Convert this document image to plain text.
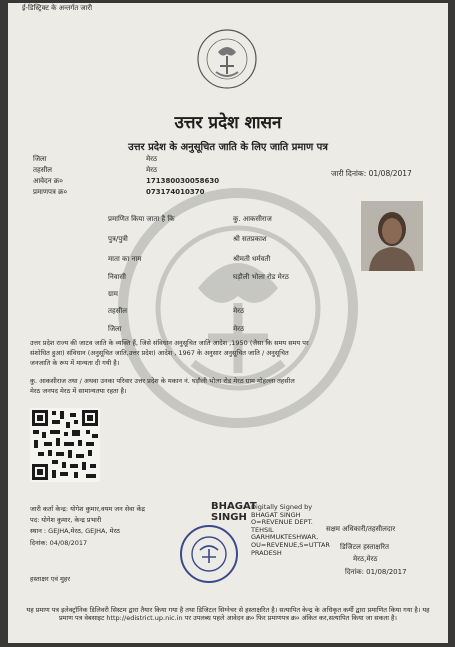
ई-डिस्ट्रिक्ट के अन्तर्गत जारी
उत्तर प्रदेश शासन
उत्तर प्रदेश के अनुसूचित जाति के लिए जाति प्रमाण पत्र
जिला	मेरठ
तहसील	मेरठ
आवेदन क्र०	171380030058630
प्रमाणपत्र क्र०	073174010370
जारी दिनांक: 01/08/2017
प्रमाणित किया जाता है कि	कु. आकसीराज
पुत्र/पुत्री	श्री सतप्रकाश
माता का नाम	श्रीमती धर्मवती
निवासी	घड़ौली भोला रोड मेरठ
ग्राम
तहसील	मेरठ
जिला	मेरठ
उत्तर प्रदेश राज्य की जाटव जाति के व्यक्ति हैं, जिसे संविधान अनुसूचित जाति आदेश ,1950 (जैसा कि समय समय पर
संशोधित हुआ) संविधान (अनुसूचित जाति,उत्तर प्रदेश) आदेश , 1967 के अनुसार अनुसूचित जाति / अनुसूचित
जनजाति के रूप में मान्यता दी गयी है।
कु. आकसीराज तथा / अथवा उनका परिवार उत्तर प्रदेश के मकान नं. घड़ौली भोला रोड मेरठ ग्राम मोहल्ला तहसील
मेरठ जनपद मेरठ में सामान्यतया रहता है।
जारी कर्ता केन्द्र: योगेश कुमार,वयम जन सेवा केंद्र
पद: योगेश कुमार, केन्द्र प्रभारी
स्थान : GEJHA,मेरठ, GEJHA, मेरठ
दिनांक: 04/08/2017
हस्ताक्षर एवं मुहर
BHAGAT
SINGH
Digitally Signed by
BHAGAT SINGH
O=REVENUE DEPT.
TEHSIL
GARHMUKTESHWAR,
OU=REVENUE,S=UTTAR
PRADESH
सक्षम अधिकारी/तहसीलदार
डिजिटल हस्ताक्षरित
मेरठ,मेरठ
दिनांक: 01/08/2017
यह प्रमाण पत्र इलेक्ट्रॉनिक डिलिवरी सिस्टम द्वारा तैयार किया गया है तथा डिजिटल सिग्नेचर से हस्ताक्षरित है। सत्यापित केन्द्र के अधिकृत कर्मी द्वारा प्रमाणित किया गया है। यह प्रमाण पत्र वेबसाइट http://edistrict.up.nic.in पर उपलब्ध पहले आवेदन क्र० फिर प्रमाणपत्र क्र० अंकित कर,सत्यापित किया जा सकता है।
